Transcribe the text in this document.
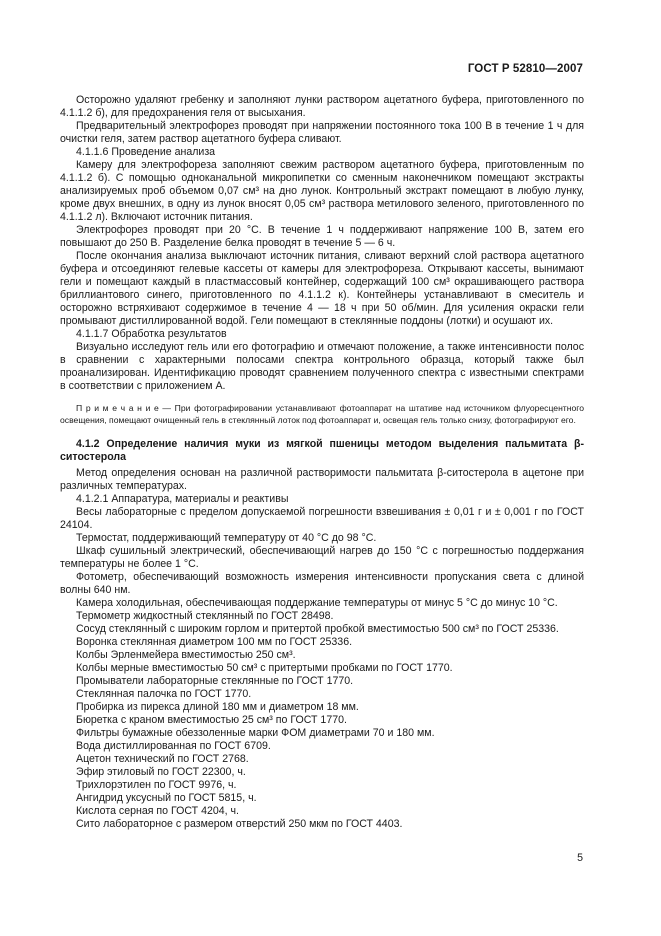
ГОСТ Р 52810—2007

Осторожно удаляют гребенку и заполняют лунки раствором ацетатного буфера, приготовленного по 4.1.1.2 б), для предохранения геля от высыхания.

Предварительный электрофорез проводят при напряжении постоянного тока 100 В в течение 1 ч для очистки геля, затем раствор ацетатного буфера сливают.

4.1.1.6 Проведение анализа

Камеру для электрофореза заполняют свежим раствором ацетатного буфера, приготовленным по 4.1.1.2 б). С помощью одноканальной микропипетки со сменным наконечником помещают экстракты анализируемых проб объемом 0,07 см³ на дно лунок. Контрольный экстракт помещают в любую лунку, кроме двух внешних, в одну из лунок вносят 0,05 см³ раствора метилового зеленого, приготовленного по 4.1.1.2 л). Включают источник питания.

Электрофорез проводят при 20 °С. В течение 1 ч поддерживают напряжение 100 В, затем его повышают до 250 В. Разделение белка проводят в течение 5 — 6 ч.

После окончания анализа выключают источник питания, сливают верхний слой раствора ацетатного буфера и отсоединяют гелевые кассеты от камеры для электрофореза. Открывают кассеты, вынимают гели и помещают каждый в пластмассовый контейнер, содержащий 100 см³ окрашивающего раствора бриллиантового синего, приготовленного по 4.1.1.2 к). Контейнеры устанавливают в смеситель и осторожно встряхивают содержимое в течение 4 — 18 ч при 50 об/мин. Для усиления окраски гели промывают дистиллированной водой. Гели помещают в стеклянные поддоны (лотки) и осушают их.

4.1.1.7 Обработка результатов

Визуально исследуют гель или его фотографию и отмечают положение, а также интенсивности полос в сравнении с характерными полосами спектра контрольного образца, который также был проанализирован. Идентификацию проводят сравнением полученного спектра с известными спектрами в соответствии с приложением А.

П р и м е ч а н и е — При фотографировании устанавливают фотоаппарат на штативе над источником флуоресцентного освещения, помещают очищенный гель в стеклянный лоток под фотоаппарат и, освещая гель только снизу, фотографируют его.

4.1.2 Определение наличия муки из мягкой пшеницы методом выделения пальмитата β-ситостерола

Метод определения основан на различной растворимости пальмитата β-ситостерола в ацетоне при различных температурах.

4.1.2.1 Аппаратура, материалы и реактивы

Весы лабораторные с пределом допускаемой погрешности взвешивания ± 0,01 г и ± 0,001 г по ГОСТ 24104.

Термостат, поддерживающий температуру от 40 °С до 98 °С.

Шкаф сушильный электрический, обеспечивающий нагрев до 150 °С с погрешностью поддержания температуры не более 1 °С.

Фотометр, обеспечивающий возможность измерения интенсивности пропускания света с длиной волны 640 нм.

Камера холодильная, обеспечивающая поддержание температуры от минус 5 °С до минус 10 °С.

Термометр жидкостный стеклянный по ГОСТ 28498.

Сосуд стеклянный с широким горлом и притертой пробкой вместимостью 500 см³ по ГОСТ 25336.

Воронка стеклянная диаметром 100 мм по ГОСТ 25336.

Колбы Эрленмейера вместимостью 250 см³.

Колбы мерные вместимостью 50 см³ с притертыми пробками по ГОСТ 1770.

Промыватели лабораторные стеклянные по ГОСТ 1770.

Стеклянная палочка по ГОСТ 1770.

Пробирка из пирекса длиной 180 мм и диаметром 18 мм.

Бюретка с краном вместимостью 25 см³ по ГОСТ 1770.

Фильтры бумажные обеззоленные марки ФОМ диаметрами 70 и 180 мм.

Вода дистиллированная по ГОСТ 6709.

Ацетон технический по ГОСТ 2768.

Эфир этиловый по ГОСТ 22300, ч.

Трихлорэтилен по ГОСТ 9976, ч.

Ангидрид уксусный по ГОСТ 5815, ч.

Кислота серная по ГОСТ 4204, ч.

Сито лабораторное с размером отверстий 250 мкм по ГОСТ 4403.

5
